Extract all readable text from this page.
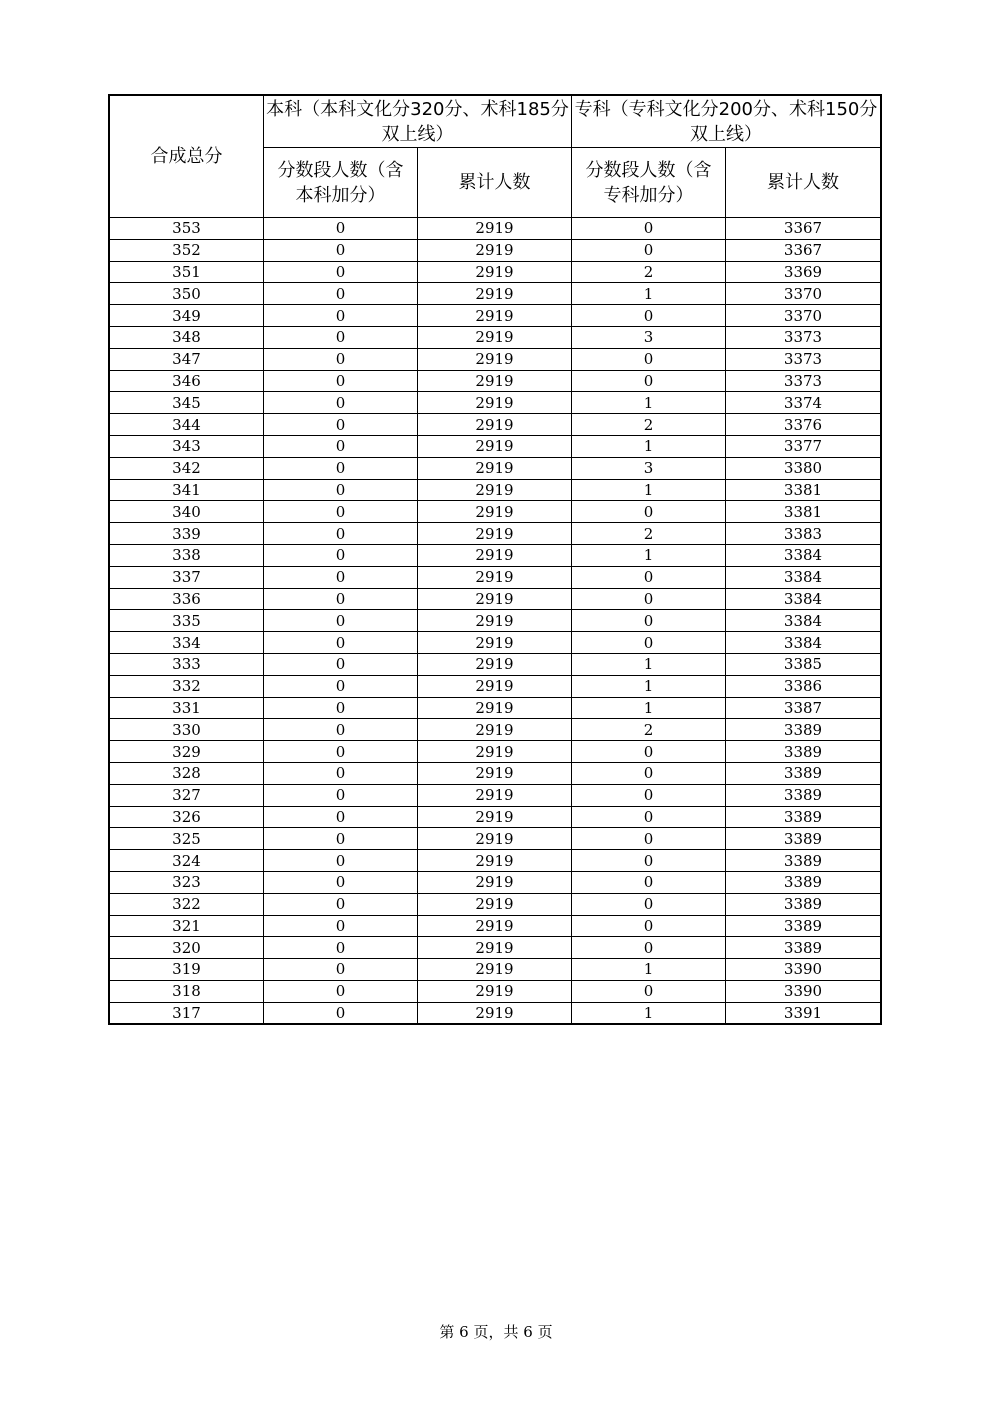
合成总分	本科（本科文化分320分、术科185分双上线）		专科（专科文化分200分、术科150分双上线）	
	分数段人数（含本科加分）	累计人数	分数段人数（含专科加分）	累计人数
353	0	2919	0	3367
352	0	2919	0	3367
351	0	2919	2	3369
350	0	2919	1	3370
349	0	2919	0	3370
348	0	2919	3	3373
347	0	2919	0	3373
346	0	2919	0	3373
345	0	2919	1	3374
344	0	2919	2	3376
343	0	2919	1	3377
342	0	2919	3	3380
341	0	2919	1	3381
340	0	2919	0	3381
339	0	2919	2	3383
338	0	2919	1	3384
337	0	2919	0	3384
336	0	2919	0	3384
335	0	2919	0	3384
334	0	2919	0	3384
333	0	2919	1	3385
332	0	2919	1	3386
331	0	2919	1	3387
330	0	2919	2	3389
329	0	2919	0	3389
328	0	2919	0	3389
327	0	2919	0	3389
326	0	2919	0	3389
325	0	2919	0	3389
324	0	2919	0	3389
323	0	2919	0	3389
322	0	2919	0	3389
321	0	2919	0	3389
320	0	2919	0	3389
319	0	2919	1	3390
318	0	2919	0	3390
317	0	2919	1	3391
第 6 页，共 6 页
